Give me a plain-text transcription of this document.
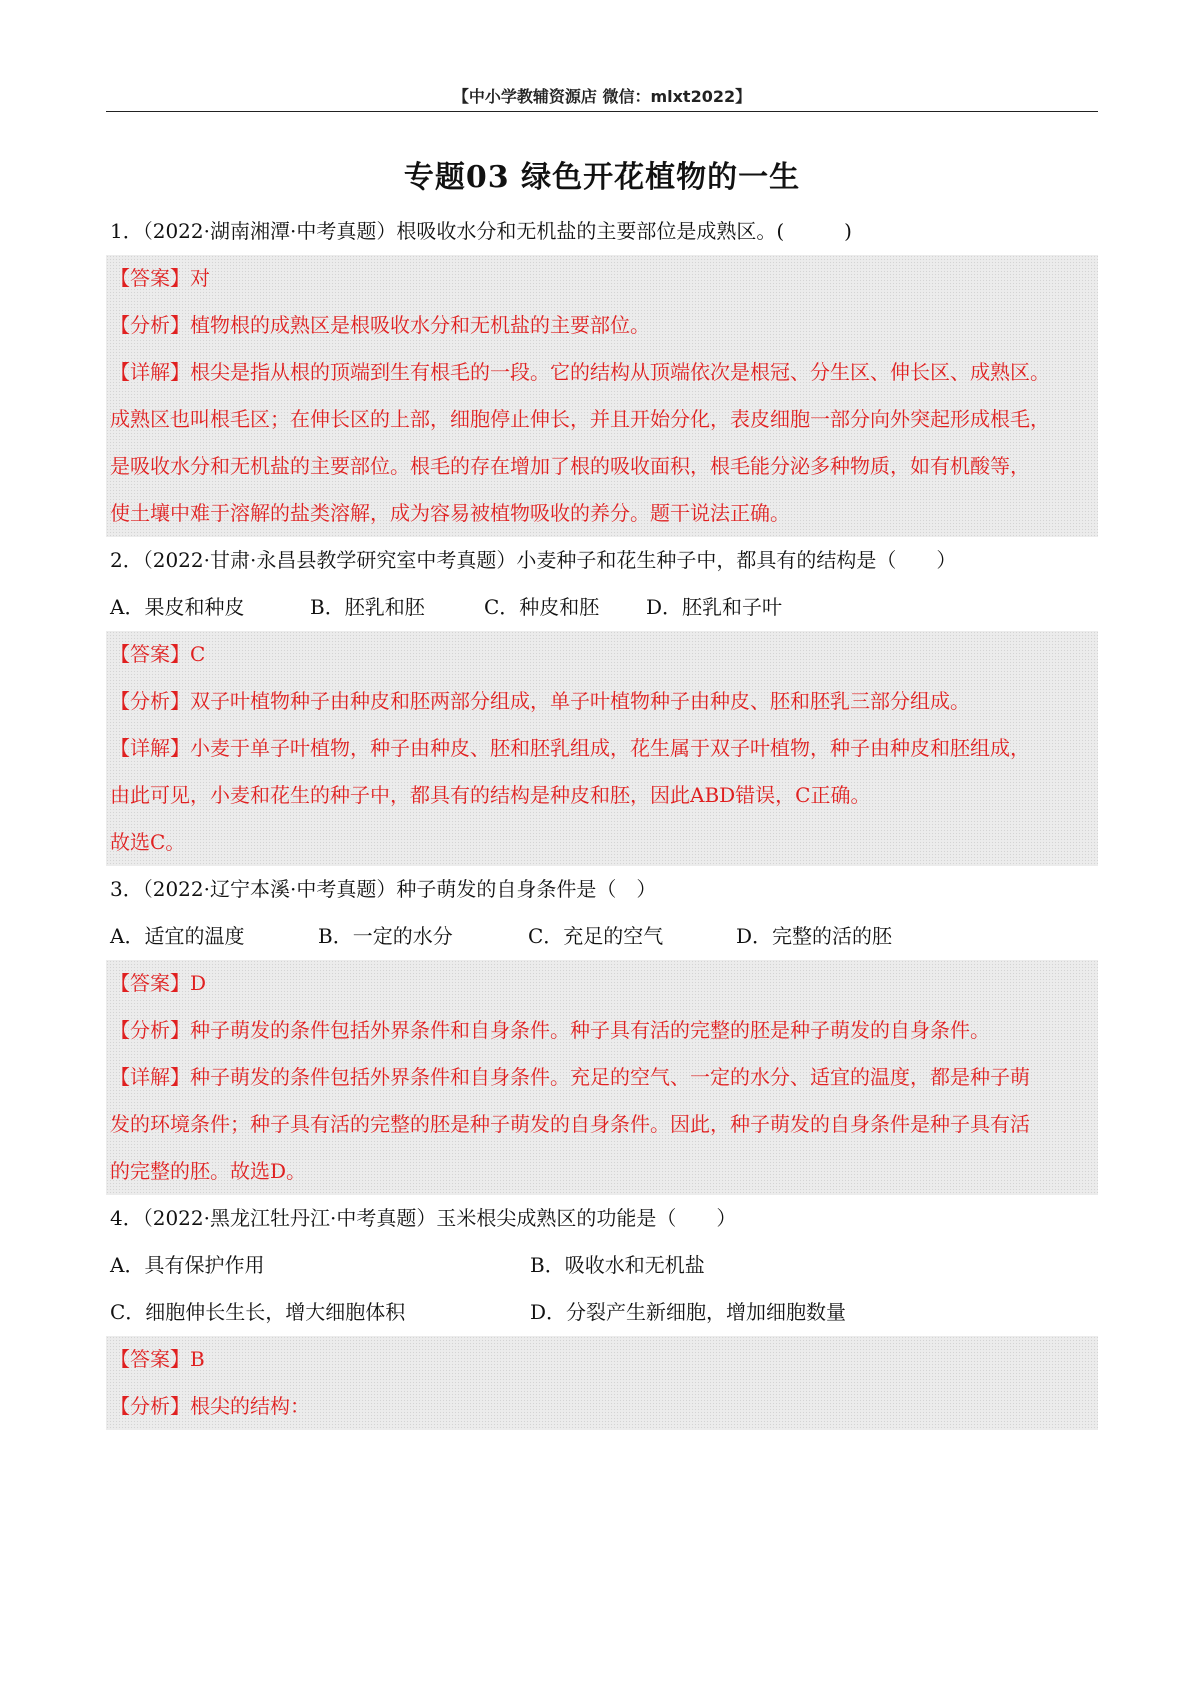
【中小学教辅资源店 微信：mlxt2022】
专题03 绿色开花植物的一生
1．（2022·湖南湘潭·中考真题）根吸收水分和无机盐的主要部位是成熟区。(　　　)
【答案】对
【分析】植物根的成熟区是根吸收水分和无机盐的主要部位。
【详解】根尖是指从根的顶端到生有根毛的一段。它的结构从顶端依次是根冠、分生区、伸长区、成熟区。
成熟区也叫根毛区；在伸长区的上部，细胞停止伸长，并且开始分化，表皮细胞一部分向外突起形成根毛，
是吸收水分和无机盐的主要部位。根毛的存在增加了根的吸收面积，根毛能分泌多种物质，如有机酸等，
使土壤中难于溶解的盐类溶解，成为容易被植物吸收的养分。题干说法正确。
2．（2022·甘肃·永昌县教学研究室中考真题）小麦种子和花生种子中，都具有的结构是（　　）
A．果皮和种皮	B．胚乳和胚	C．种皮和胚	D．胚乳和子叶
【答案】C
【分析】双子叶植物种子由种皮和胚两部分组成，单子叶植物种子由种皮、胚和胚乳三部分组成。
【详解】小麦于单子叶植物，种子由种皮、胚和胚乳组成，花生属于双子叶植物，种子由种皮和胚组成，
由此可见，小麦和花生的种子中，都具有的结构是种皮和胚，因此ABD错误，C正确。
故选C。
3．（2022·辽宁本溪·中考真题）种子萌发的自身条件是（　）
A．适宜的温度	B．一定的水分	C．充足的空气	D．完整的活的胚
【答案】D
【分析】种子萌发的条件包括外界条件和自身条件。种子具有活的完整的胚是种子萌发的自身条件。
【详解】种子萌发的条件包括外界条件和自身条件。充足的空气、一定的水分、适宜的温度，都是种子萌
发的环境条件；种子具有活的完整的胚是种子萌发的自身条件。因此，种子萌发的自身条件是种子具有活
的完整的胚。故选D。
4．（2022·黑龙江牡丹江·中考真题）玉米根尖成熟区的功能是（　　）
A．具有保护作用	B．吸收水和无机盐
C．细胞伸长生长，增大细胞体积	D．分裂产生新细胞，增加细胞数量
【答案】B
【分析】根尖的结构：
